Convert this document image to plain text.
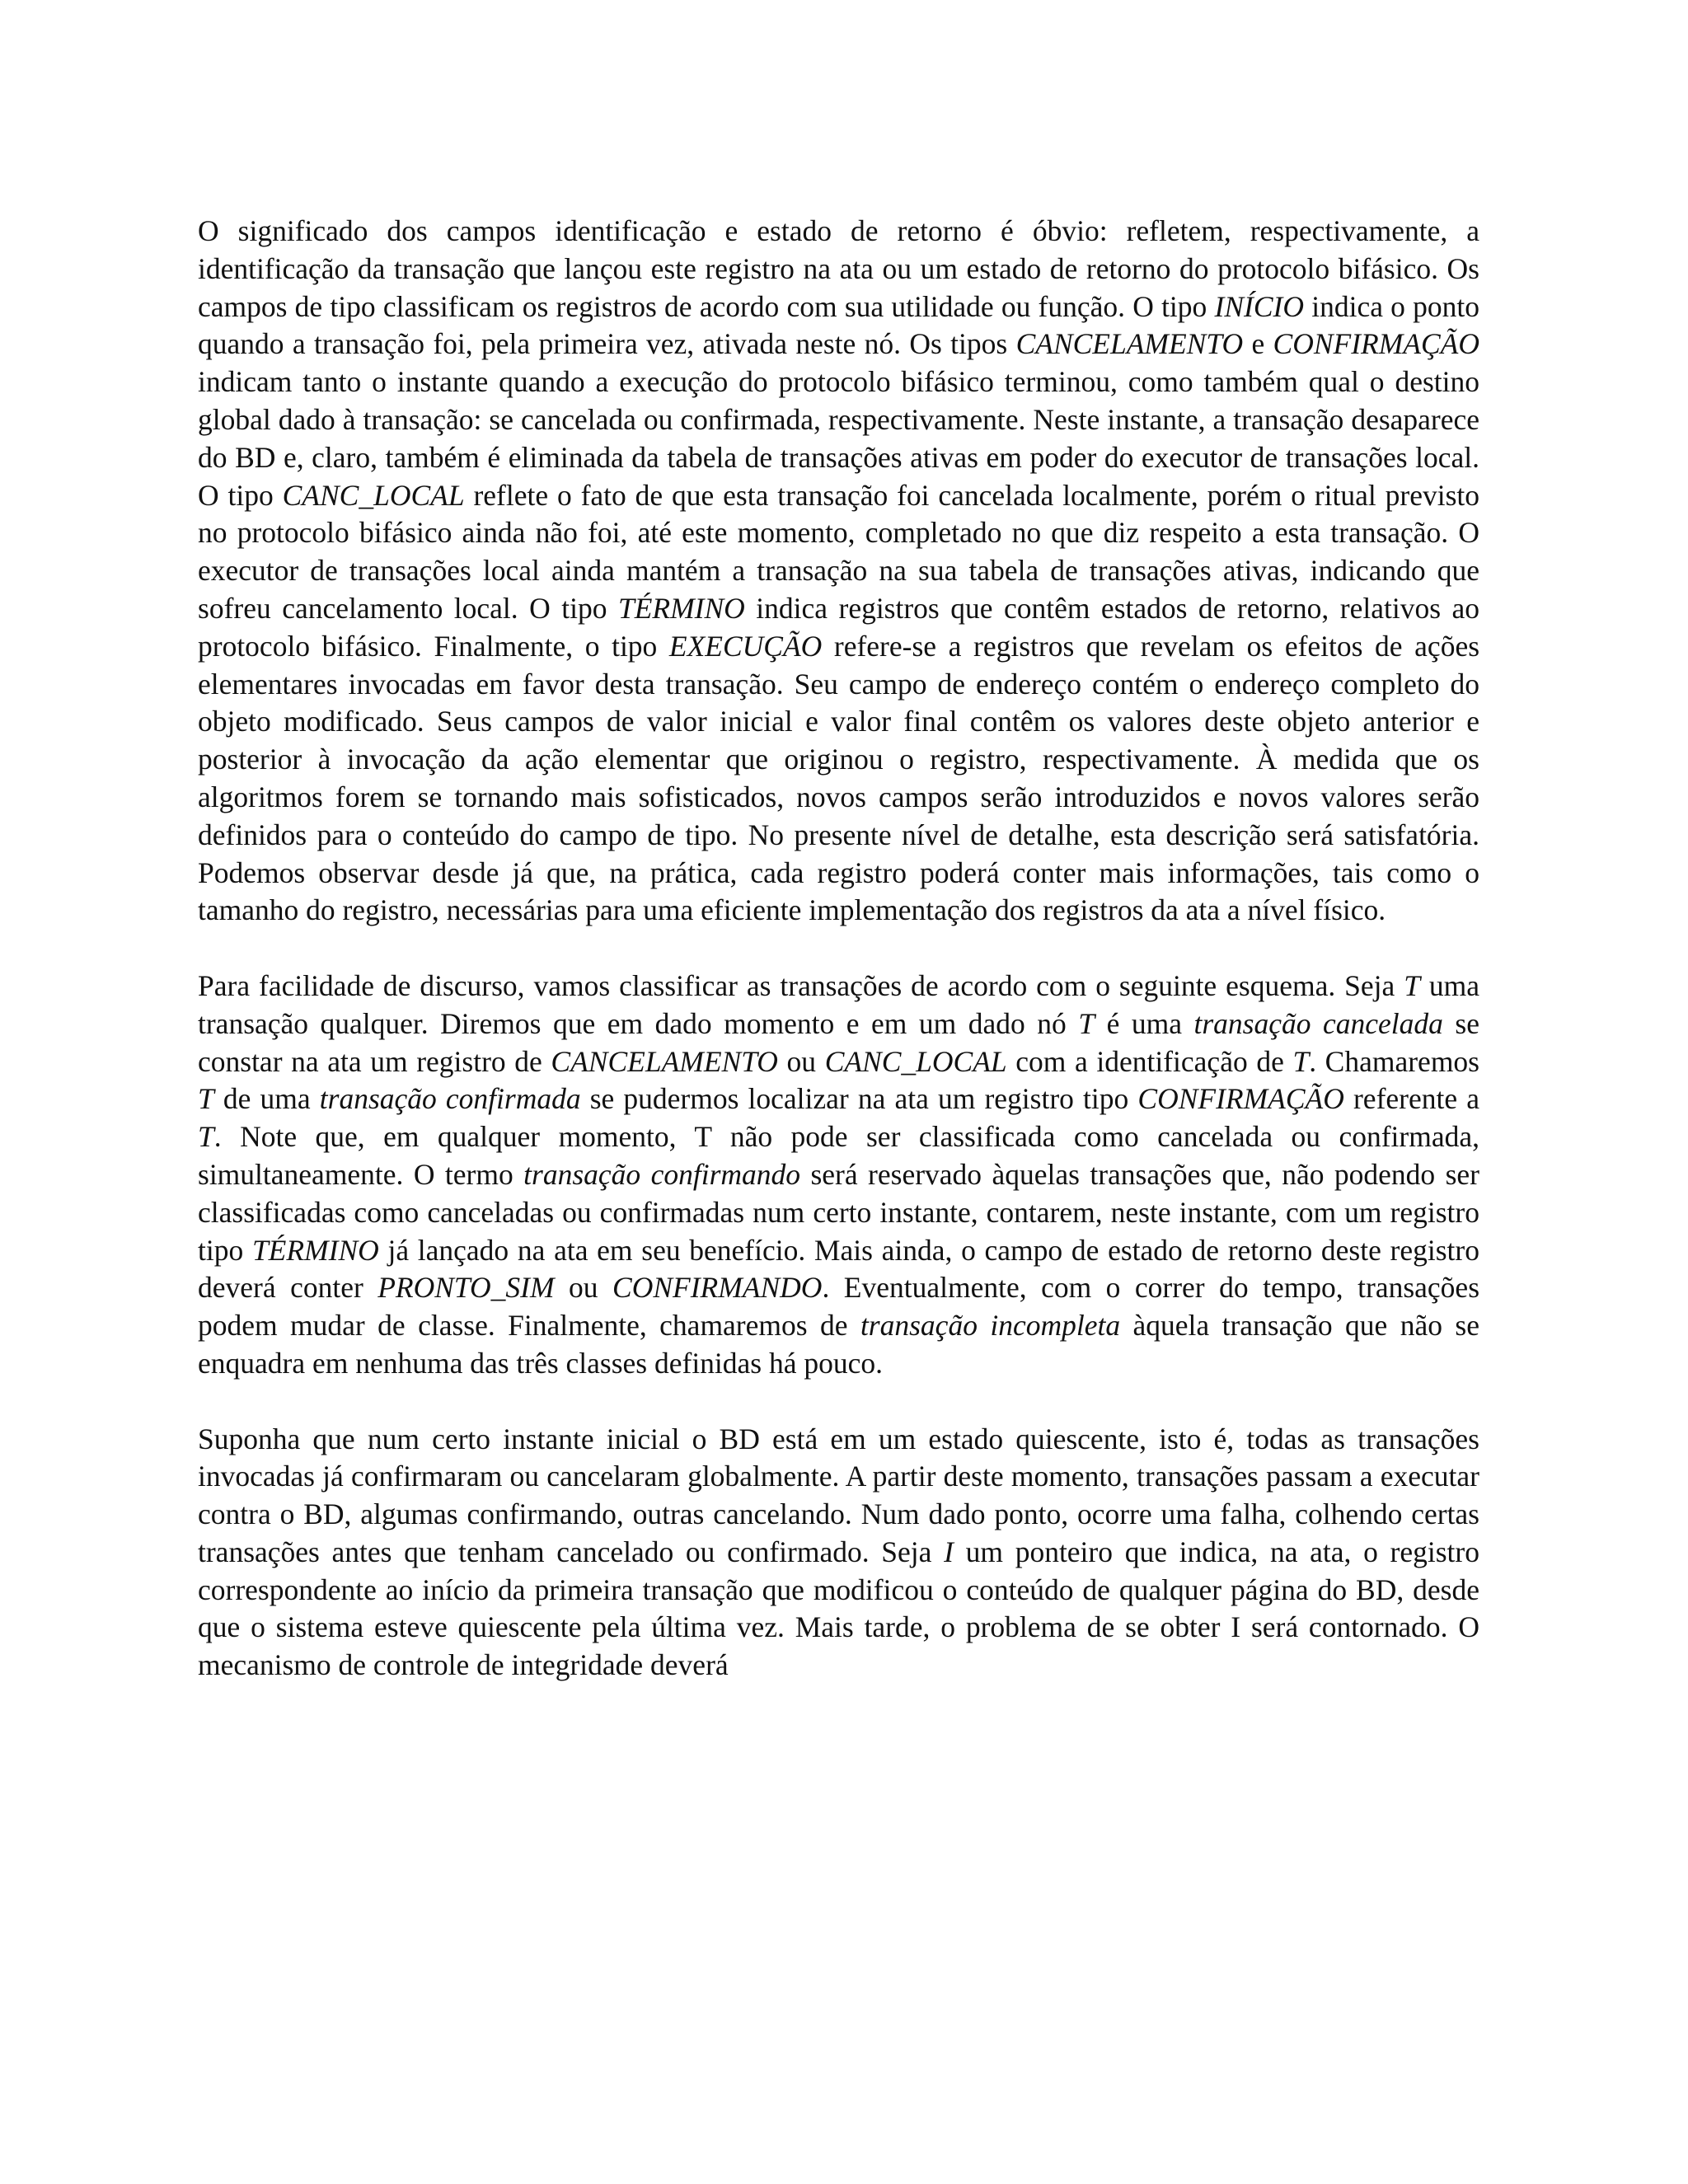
O significado dos campos identificação e estado de retorno é óbvio: refletem, respectivamente, a identificação da transação que lançou este registro na ata ou um estado de retorno do protocolo bifásico. Os campos de tipo classificam os registros de acordo com sua utilidade ou função. O tipo INÍCIO indica o ponto quando a transação foi, pela primeira vez, ativada neste nó. Os tipos CANCELAMENTO e CONFIRMAÇÃO indicam tanto o instante quando a execução do protocolo bifásico terminou, como também qual o destino global dado à transação: se cancelada ou confirmada, respectivamente. Neste instante, a transação desaparece do BD e, claro, também é eliminada da tabela de transações ativas em poder do executor de transações local. O tipo CANC_LOCAL reflete o fato de que esta transação foi cancelada localmente, porém o ritual previsto no protocolo bifásico ainda não foi, até este momento, completado no que diz respeito a esta transação. O executor de transações local ainda mantém a transação na sua tabela de transações ativas, indicando que sofreu cancelamento local. O tipo TÉRMINO indica registros que contêm estados de retorno, relativos ao protocolo bifásico. Finalmente, o tipo EXECUÇÃO refere-se a registros que revelam os efeitos de ações elementares invocadas em favor desta transação. Seu campo de endereço contém o endereço completo do objeto modificado. Seus campos de valor inicial e valor final contêm os valores deste objeto anterior e posterior à invocação da ação elementar que originou o registro, respectivamente. À medida que os algoritmos forem se tornando mais sofisticados, novos campos serão introduzidos e novos valores serão definidos para o conteúdo do campo de tipo. No presente nível de detalhe, esta descrição será satisfatória. Podemos observar desde já que, na prática, cada registro poderá conter mais informações, tais como o tamanho do registro, necessárias para uma eficiente implementação dos registros da ata a nível físico.

Para facilidade de discurso, vamos classificar as transações de acordo com o seguinte esquema. Seja T uma transação qualquer. Diremos que em dado momento e em um dado nó T é uma transação cancelada se constar na ata um registro de CANCELAMENTO ou CANC_LOCAL com a identificação de T. Chamaremos T de uma transação confirmada se pudermos localizar na ata um registro tipo CONFIRMAÇÃO referente a T. Note que, em qualquer momento, T não pode ser classificada como cancelada ou confirmada, simultaneamente. O termo transação confirmando será reservado àquelas transações que, não podendo ser classificadas como canceladas ou confirmadas num certo instante, contarem, neste instante, com um registro tipo TÉRMINO já lançado na ata em seu benefício. Mais ainda, o campo de estado de retorno deste registro deverá conter PRONTO_SIM ou CONFIRMANDO. Eventualmente, com o correr do tempo, transações podem mudar de classe. Finalmente, chamaremos de transação incompleta àquela transação que não se enquadra em nenhuma das três classes definidas há pouco.

Suponha que num certo instante inicial o BD está em um estado quiescente, isto é, todas as transações invocadas já confirmaram ou cancelaram globalmente. A partir deste momento, transações passam a executar contra o BD, algumas confirmando, outras cancelando. Num dado ponto, ocorre uma falha, colhendo certas transações antes que tenham cancelado ou confirmado. Seja I um ponteiro que indica, na ata, o registro correspondente ao início da primeira transação que modificou o conteúdo de qualquer página do BD, desde que o sistema esteve quiescente pela última vez. Mais tarde, o problema de se obter I será contornado. O mecanismo de controle de integridade deverá
